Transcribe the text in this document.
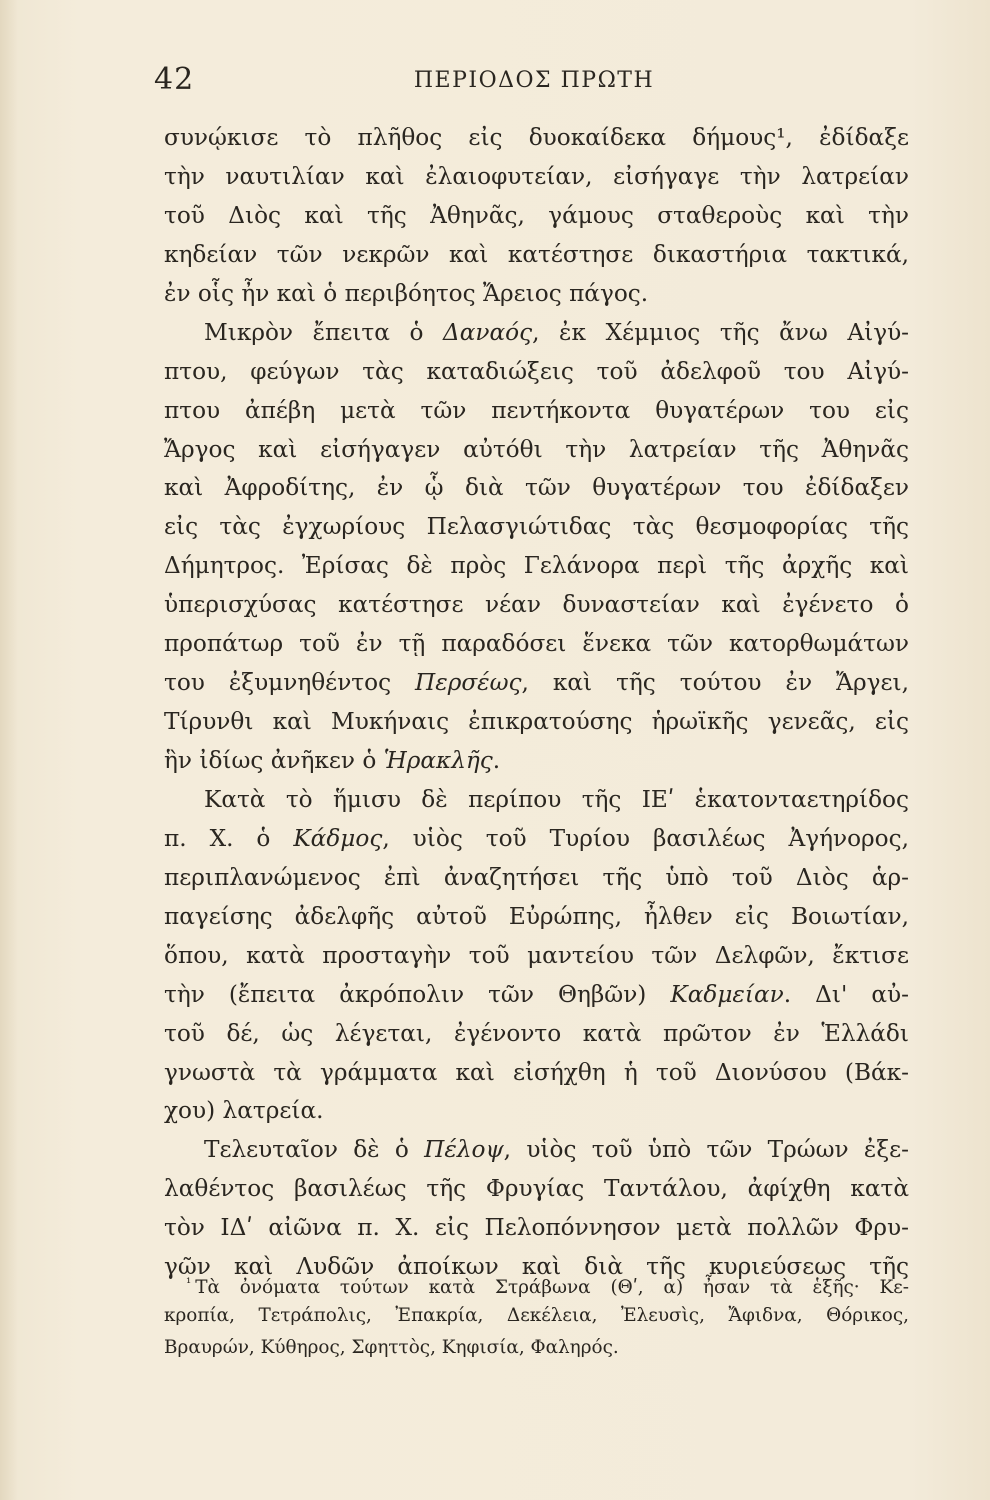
42	ΠΕΡΙΟΔΟΣ ΠΡΩΤΗ
συνῴκισε τὸ πλῆθος εἰς δυοκαίδεκα δήμους¹, ἐδίδαξε
τὴν ναυτιλίαν καὶ ἐλαιοφυτείαν, εἰσήγαγε τὴν λατρείαν
τοῦ Διὸς καὶ τῆς Ἀθηνᾶς, γάμους σταθεροὺς καὶ τὴν
κηδείαν τῶν νεκρῶν καὶ κατέστησε δικαστήρια τακτικά,
ἐν οἷς ἦν καὶ ὁ περιβόητος Ἄρειος πάγος.
Μικρὸν ἔπειτα ὁ Δαναός, ἐκ Χέμμιος τῆς ἄνω Αἰγύ-
πτου, φεύγων τὰς καταδιώξεις τοῦ ἀδελφοῦ του Αἰγύ-
πτου ἀπέβη μετὰ τῶν πεντήκοντα θυγατέρων του εἰς
Ἄργος καὶ εἰσήγαγεν αὐτόθι τὴν λατρείαν τῆς Ἀθηνᾶς
καὶ Ἀφροδίτης, ἐν ᾧ διὰ τῶν θυγατέρων του ἐδίδαξεν
εἰς τὰς ἐγχωρίους Πελασγιώτιδας τὰς θεσμοφορίας τῆς
Δήμητρος. Ἐρίσας δὲ πρὸς Γελάνορα περὶ τῆς ἀρχῆς καὶ
ὑπερισχύσας κατέστησε νέαν δυναστείαν καὶ ἐγένετο ὁ
προπάτωρ τοῦ ἐν τῇ παραδόσει ἕνεκα τῶν κατορθωμάτων
του ἐξυμνηθέντος Περσέως, καὶ τῆς τούτου ἐν Ἄργει,
Τίρυνθι καὶ Μυκήναις ἐπικρατούσης ἡρωϊκῆς γενεᾶς, εἰς
ἣν ἰδίως ἀνῆκεν ὁ Ἡρακλῆς.
Κατὰ τὸ ἥμισυ δὲ περίπου τῆς ΙΕʹ ἑκατονταετηρίδος
π. Χ. ὁ Κάδμος, υἱὸς τοῦ Τυρίου βασιλέως Ἀγήνορος,
περιπλανώμενος ἐπὶ ἀναζητήσει τῆς ὑπὸ τοῦ Διὸς ἁρ-
παγείσης ἀδελφῆς αὐτοῦ Εὐρώπης, ἦλθεν εἰς Βοιωτίαν,
ὅπου, κατὰ προσταγὴν τοῦ μαντείου τῶν Δελφῶν, ἔκτισε
τὴν (ἔπειτα ἀκρόπολιν τῶν Θηβῶν) Καδμείαν. Δι' αὐ-
τοῦ δέ, ὡς λέγεται, ἐγένοντο κατὰ πρῶτον ἐν Ἑλλάδι
γνωστὰ τὰ γράμματα καὶ εἰσήχθη ἡ τοῦ Διονύσου (Βάκ-
χου) λατρεία.
Τελευταῖον δὲ ὁ Πέλοψ, υἱὸς τοῦ ὑπὸ τῶν Τρώων ἐξε-
λαθέντος βασιλέως τῆς Φρυγίας Ταντάλου, ἀφίχθη κατὰ
τὸν ΙΔʹ αἰῶνα π. Χ. εἰς Πελοπόννησον μετὰ πολλῶν Φρυ-
γῶν καὶ Λυδῶν ἀποίκων καὶ διὰ τῆς κυριεύσεως τῆς
$^{^1}$ Τὰ ὀνόματα τούτων κατὰ Στράβωνα (Θʹ, α) ἦσαν τὰ ἑξῆς· Κε-
κροπία, Τετράπολις, Ἐπακρία, Δεκέλεια, Ἐλευσὶς, Ἄφιδνα, Θόρικος,
Βραυρών, Κύθηρος, Σφηττὸς, Κηφισία, Φαληρός.
